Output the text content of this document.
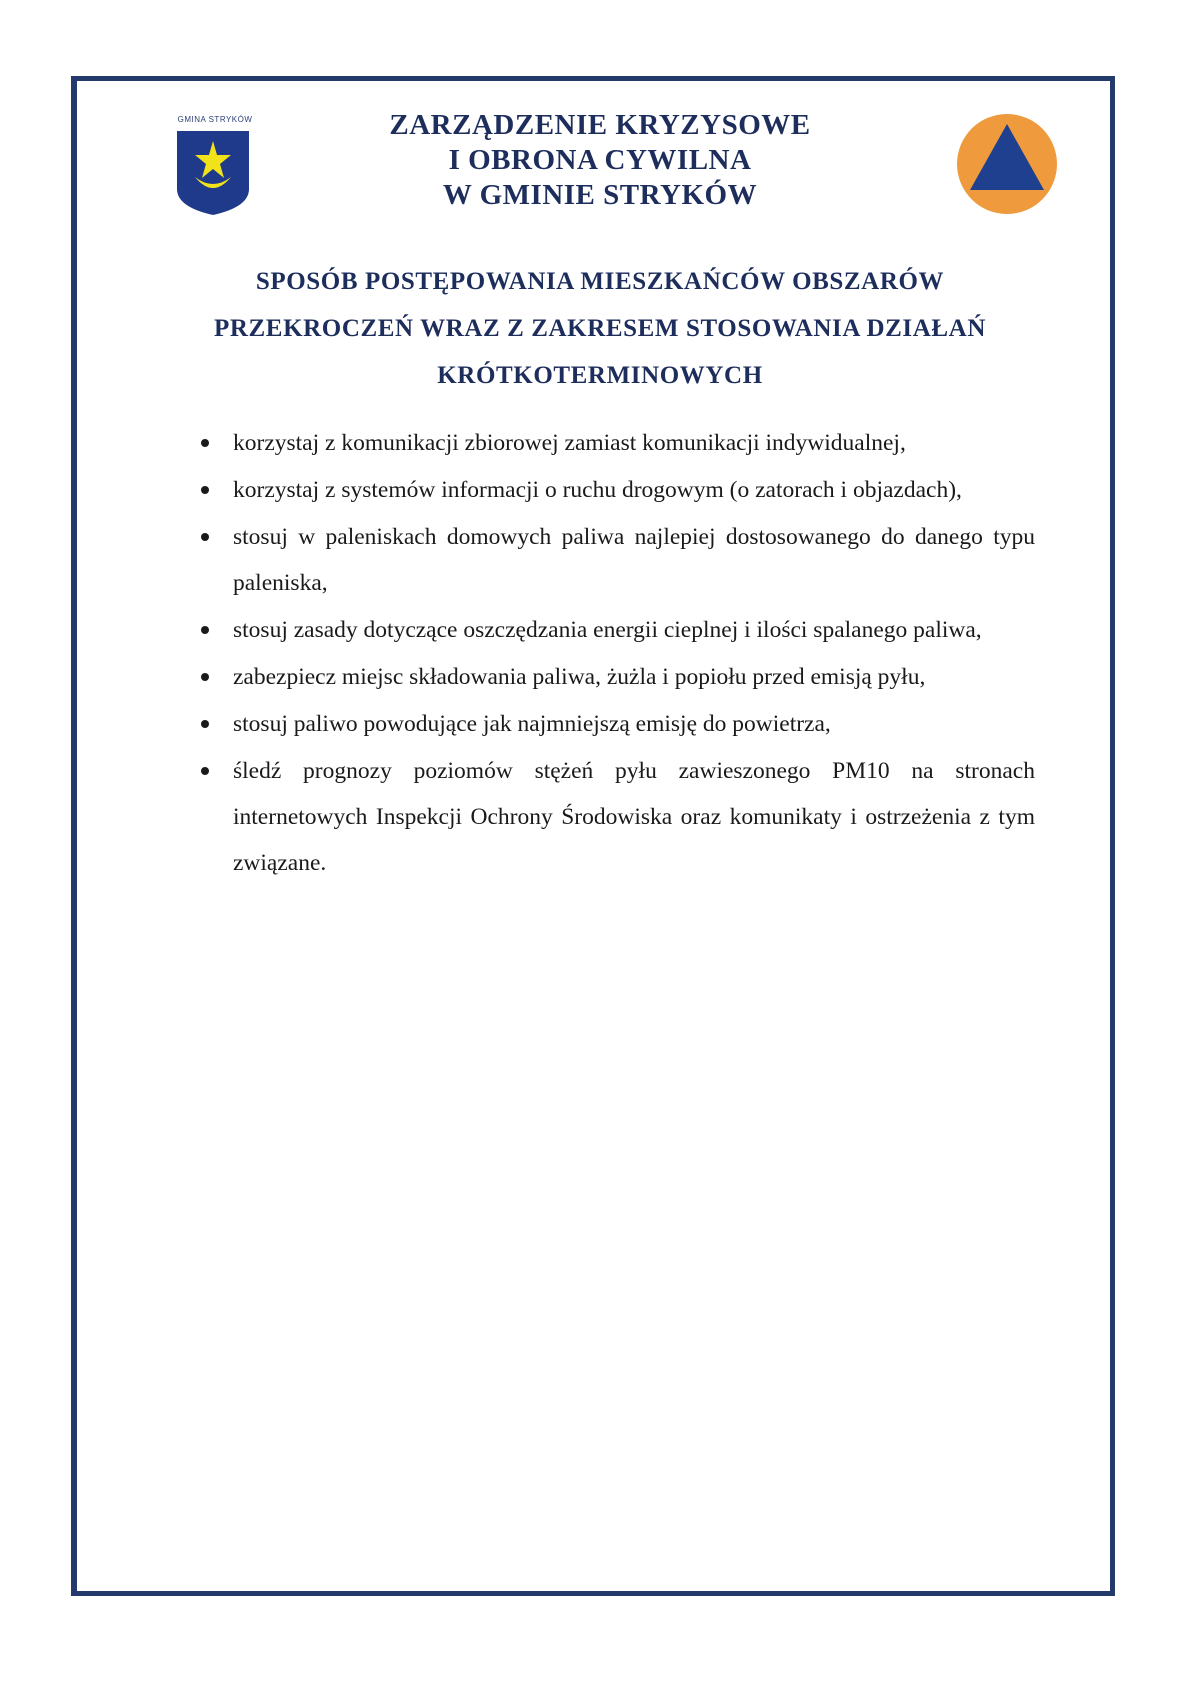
GMINA STRYKÓW	ZARZĄDZENIE KRYZYSOWE
I OBRONA CYWILNA
W GMINIE STRYKÓW
SPOSÓB POSTĘPOWANIA MIESZKAŃCÓW OBSZARÓW
PRZEKROCZEŃ WRAZ Z ZAKRESEM STOSOWANIA DZIAŁAŃ
KRÓTKOTERMINOWYCH
korzystaj z komunikacji zbiorowej zamiast komunikacji indywidualnej,
korzystaj z systemów informacji o ruchu drogowym (o zatorach i objazdach),
stosuj w paleniskach domowych paliwa najlepiej dostosowanego do danego typu paleniska,
stosuj zasady dotyczące oszczędzania energii cieplnej i ilości spalanego paliwa,
zabezpiecz miejsc składowania paliwa, żużla i popiołu przed emisją pyłu,
stosuj paliwo powodujące jak najmniejszą emisję do powietrza,
śledź prognozy poziomów stężeń pyłu zawieszonego PM10 na stronach internetowych Inspekcji Ochrony Środowiska oraz komunikaty i ostrzeżenia z tym związane.
